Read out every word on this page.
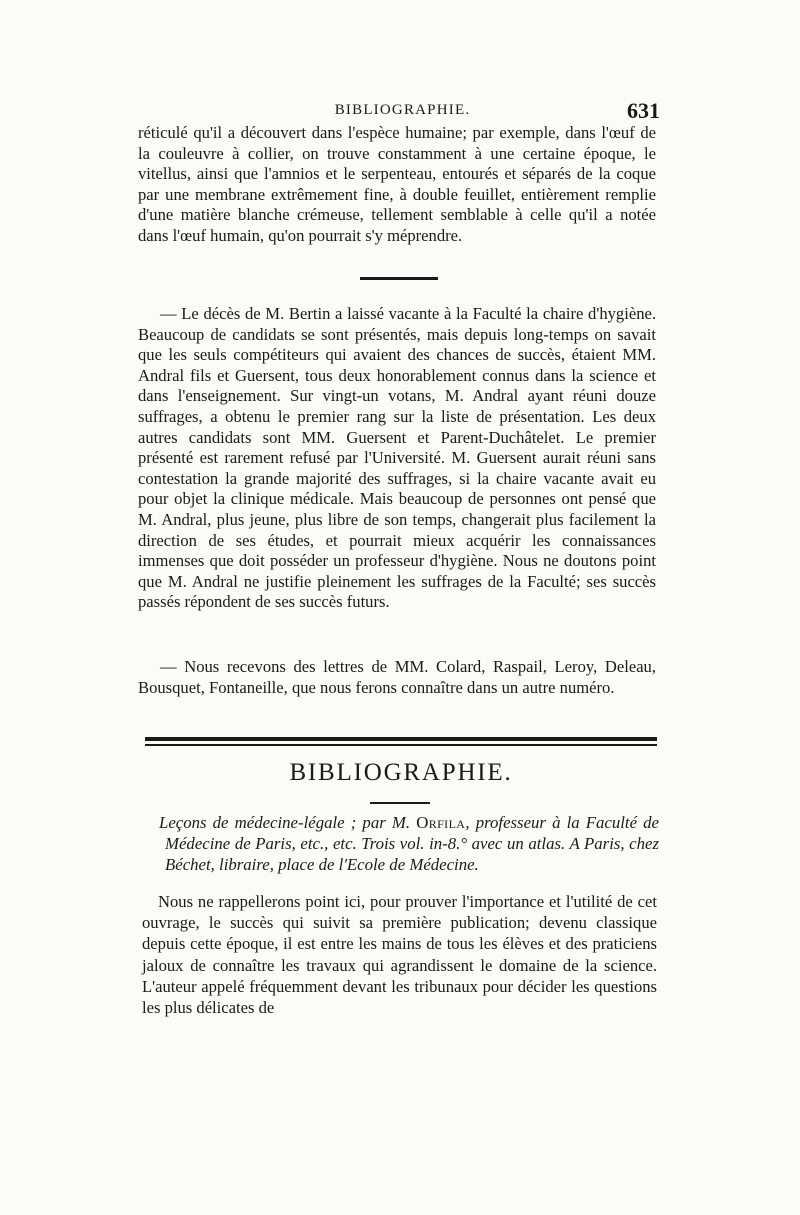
BIBLIOGRAPHIE.	631

réticulé qu'il a découvert dans l'espèce humaine; par exemple, dans l'œuf de la couleuvre à collier, on trouve constamment à une certaine époque, le vitellus, ainsi que l'amnios et le serpenteau, entourés et séparés de la coque par une membrane extrêmement fine, à double feuillet, entièrement remplie d'une matière blanche crémeuse, tellement semblable à celle qu'il a notée dans l'œuf humain, qu'on pourrait s'y méprendre.

— Le décès de M. Bertin a laissé vacante à la Faculté la chaire d'hygiène. Beaucoup de candidats se sont présentés, mais depuis long-temps on savait que les seuls compétiteurs qui avaient des chances de succès, étaient MM. Andral fils et Guersent, tous deux honorablement connus dans la science et dans l'enseignement. Sur vingt-un votans, M. Andral ayant réuni douze suffrages, a obtenu le premier rang sur la liste de présentation. Les deux autres candidats sont MM. Guersent et Parent-Duchâtelet. Le premier présenté est rarement refusé par l'Université. M. Guersent aurait réuni sans contestation la grande majorité des suffrages, si la chaire vacante avait eu pour objet la clinique médicale. Mais beaucoup de personnes ont pensé que M. Andral, plus jeune, plus libre de son temps, changerait plus facilement la direction de ses études, et pourrait mieux acquérir les connaissances immenses que doit posséder un professeur d'hygiène. Nous ne doutons point que M. Andral ne justifie pleinement les suffrages de la Faculté; ses succès passés répondent de ses succès futurs.

— Nous recevons des lettres de MM. Colard, Raspail, Leroy, Deleau, Bousquet, Fontaneille, que nous ferons connaître dans un autre numéro.

BIBLIOGRAPHIE.

Leçons de médecine-légale ; par M. Orfila, professeur à la Faculté de Médecine de Paris, etc., etc. Trois vol. in-8.° avec un atlas. A Paris, chez Béchet, libraire, place de l'Ecole de Médecine.

Nous ne rappellerons point ici, pour prouver l'importance et l'utilité de cet ouvrage, le succès qui suivit sa première publication; devenu classique depuis cette époque, il est entre les mains de tous les élèves et des praticiens jaloux de connaître les travaux qui agrandissent le domaine de la science. L'auteur appelé fréquemment devant les tribunaux pour décider les questions les plus délicates de
